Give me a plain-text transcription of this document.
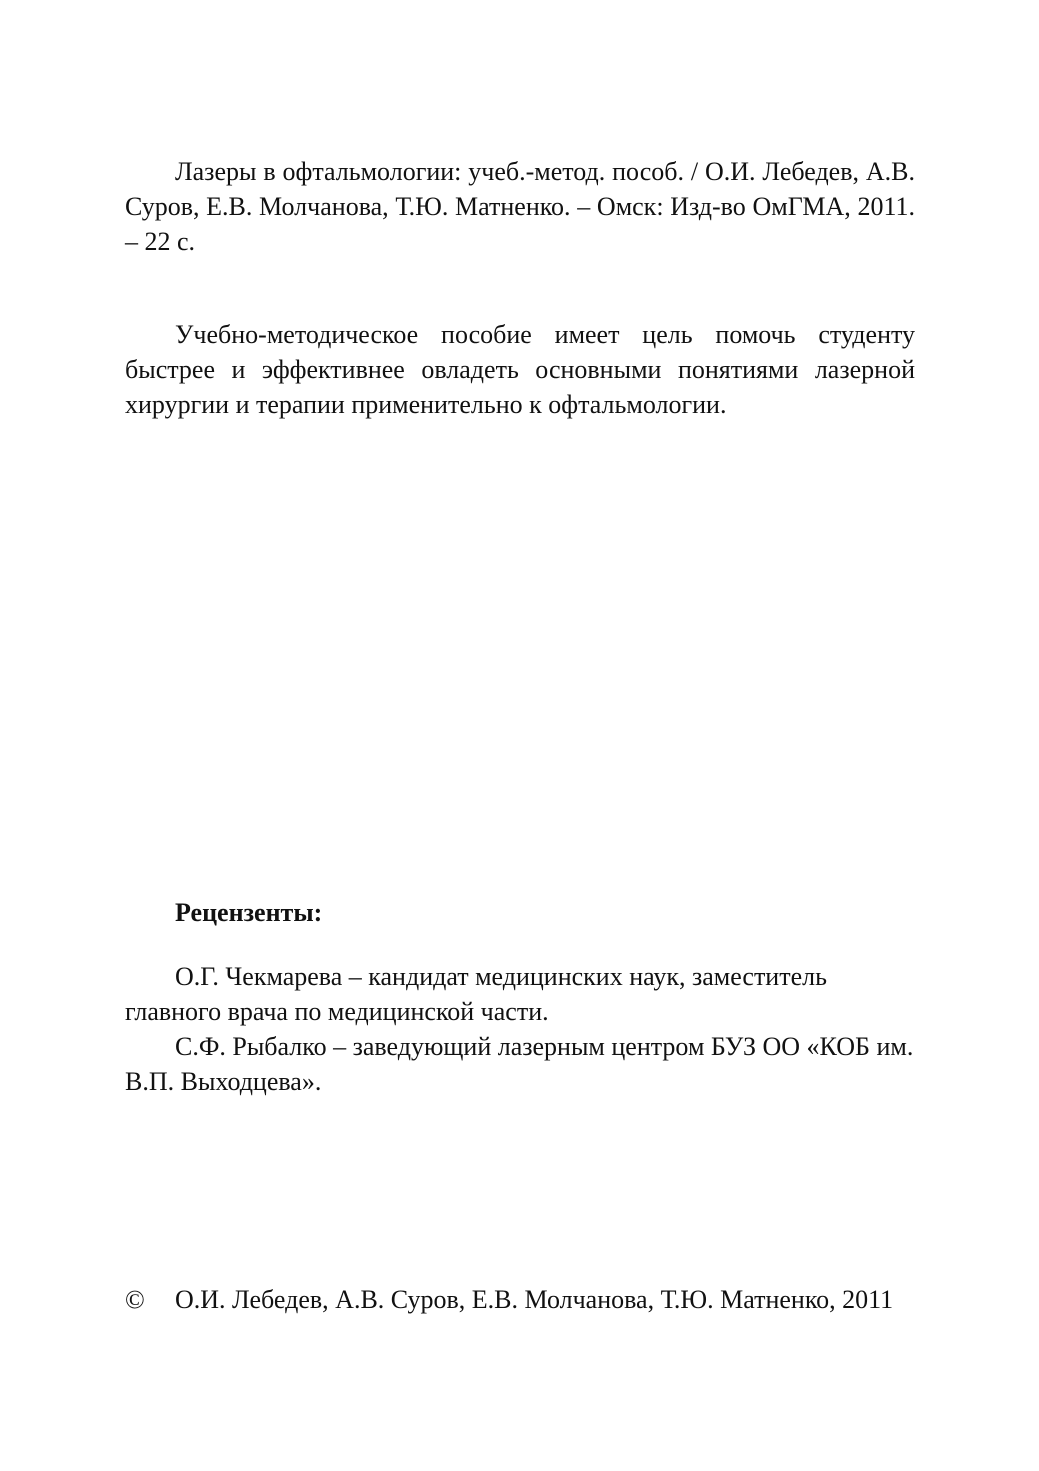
Лазеры в офтальмологии: учеб.-метод. пособ. / О.И. Лебедев, А.В. Суров, Е.В. Молчанова, Т.Ю. Матненко. – Омск: Изд-во ОмГМА, 2011. – 22 с.

Учебно-методическое пособие имеет цель помочь студенту быстрее и эффективнее овладеть основными понятиями лазерной хирургии и терапии применительно к офтальмологии.

Рецензенты:

О.Г. Чекмарева – кандидат медицинских наук, заместитель главного врача по медицинской части.

С.Ф. Рыбалко – заведующий лазерным центром БУЗ ОО «КОБ им. В.П. Выходцева».

© О.И. Лебедев, А.В. Суров, Е.В. Молчанова, Т.Ю. Матненко, 2011
